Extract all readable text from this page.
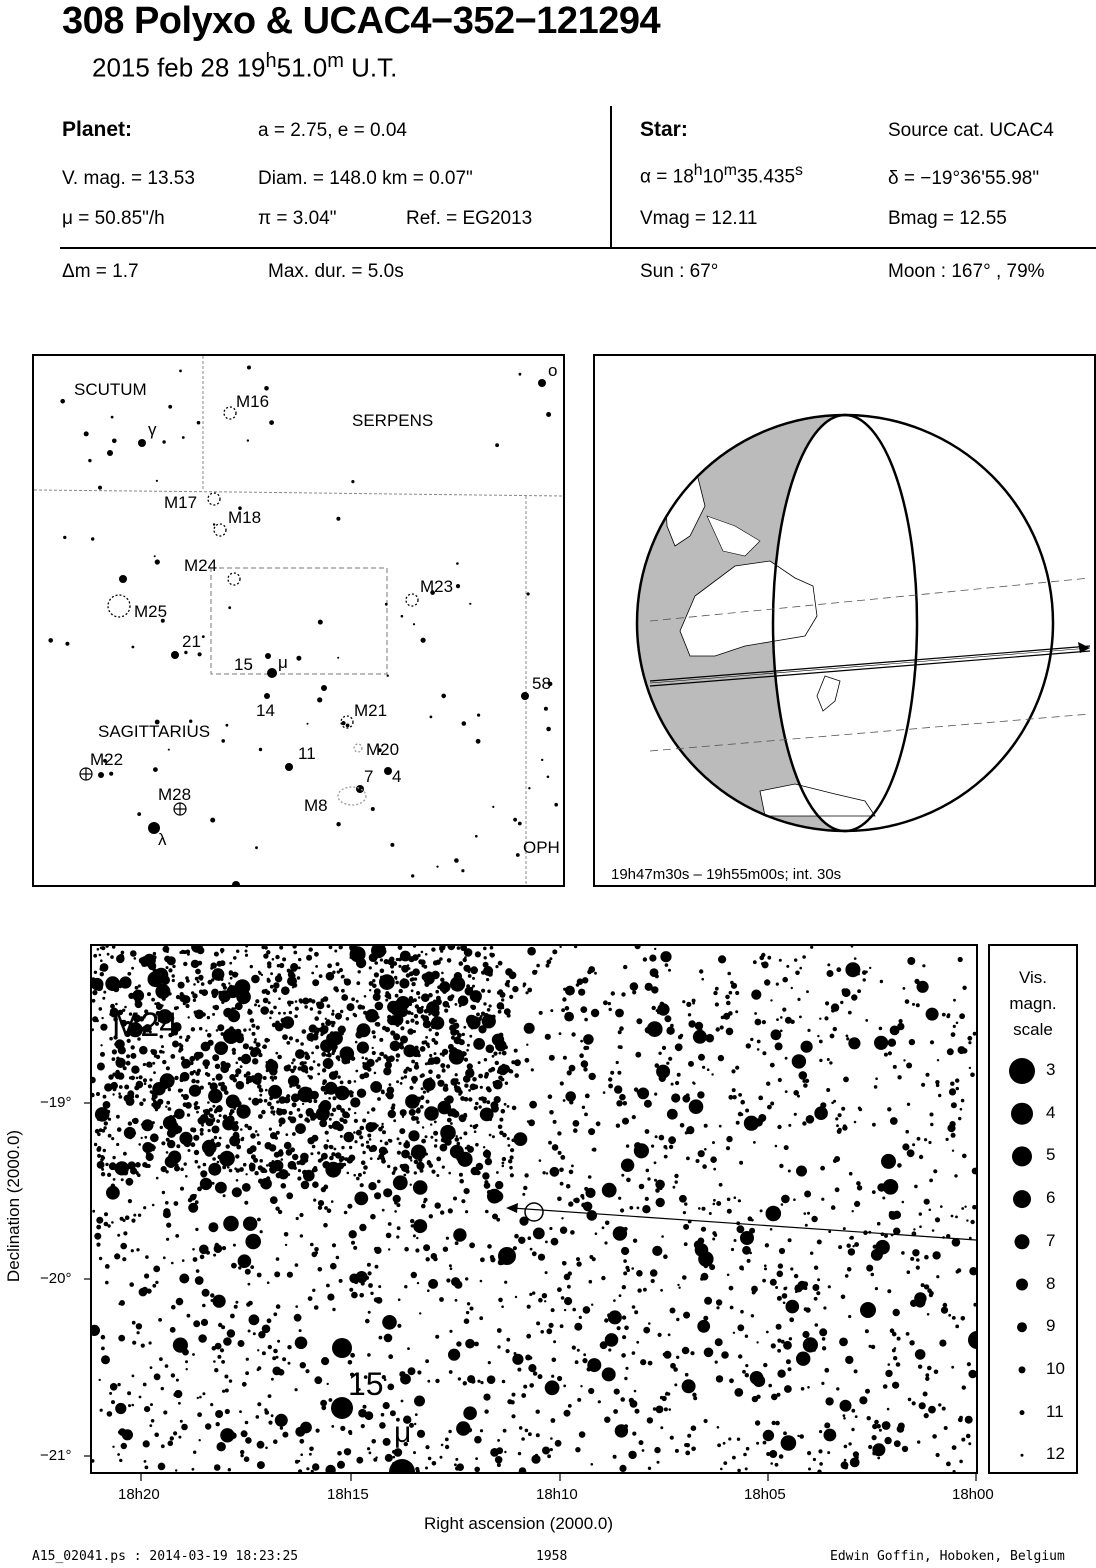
308 Polyxo & UCAC4−352−121294
2015 feb 28 19$^h$51.0$^m$ U.T.
Planet:	a = 2.75, e = 0.04
V. mag. = 13.53	Diam. = 148.0 km = 0.07"
μ = 50.85"/h	π = 3.04"	Ref. = EG2013
Star:	Source cat. UCAC4
$\alpha = 18^h10^m35.435^s$	δ = −19°36'55.98"
Vmag = 12.11	Bmag = 12.55
Δm = 1.7	Max. dur. = 5.0s	Sun : 67°	Moon : 167° , 79%
SCUTUM
SERPENS
SAGITTARIUS
OPH
M16
M17
M18
M24
M25
M23
M21
M20
M22
M28
M8
21
15 μ
14
11
7 4
58
λ
γ
o
19h47m30s – 19h55m00s; int. 30s
M24
15
μ
−19°
−20°
−21°
18h20	18h15	18h10	18h05	18h00
Right ascension (2000.0)
Declination (2000.0)
Vis.
magn.
scale
3
4
5
6
7
8
9
10
11
12
A15_02041.ps : 2014-03-19 18:23:25	1958	Edwin Goffin, Hoboken, Belgium
